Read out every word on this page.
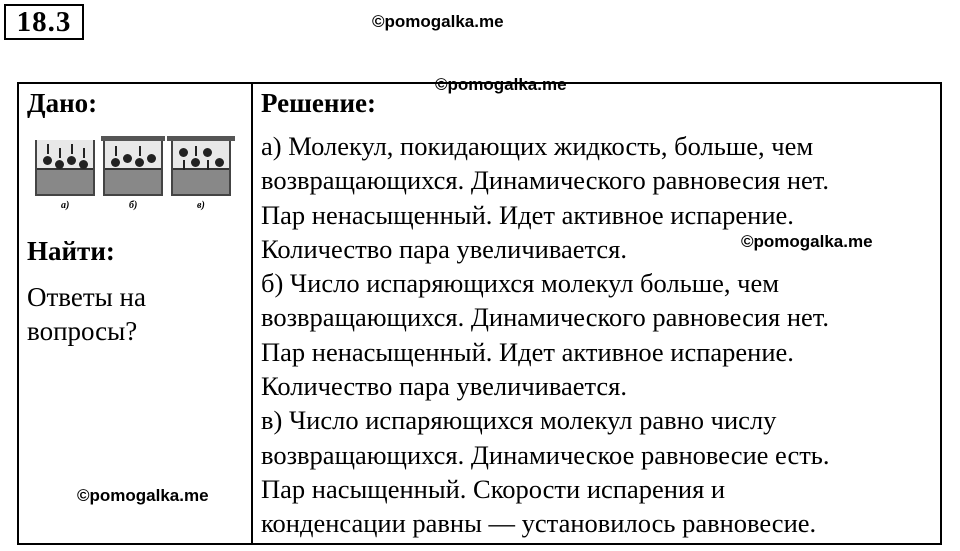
18.3	©pomogalka.me
Дано:
а)	б)	в)
Найти:
Ответы на
вопросы?
Решение:
а) Молекул, покидающих жидкость, больше, чем
возвращающихся. Динамического равновесия нет.
Пар ненасыщенный. Идет активное испарение.
Количество пара увеличивается.
б) Число испаряющихся молекул больше, чем
возвращающихся. Динамического равновесия нет.
Пар ненасыщенный. Идет активное испарение.
Количество пара увеличивается.
в) Число испаряющихся молекул равно числу
возвращающихся. Динамическое равновесие есть.
Пар насыщенный. Скорости испарения и
конденсации равны — установилось равновесие.
©pomogalka.me
©pomogalka.me
©pomogalka.me
